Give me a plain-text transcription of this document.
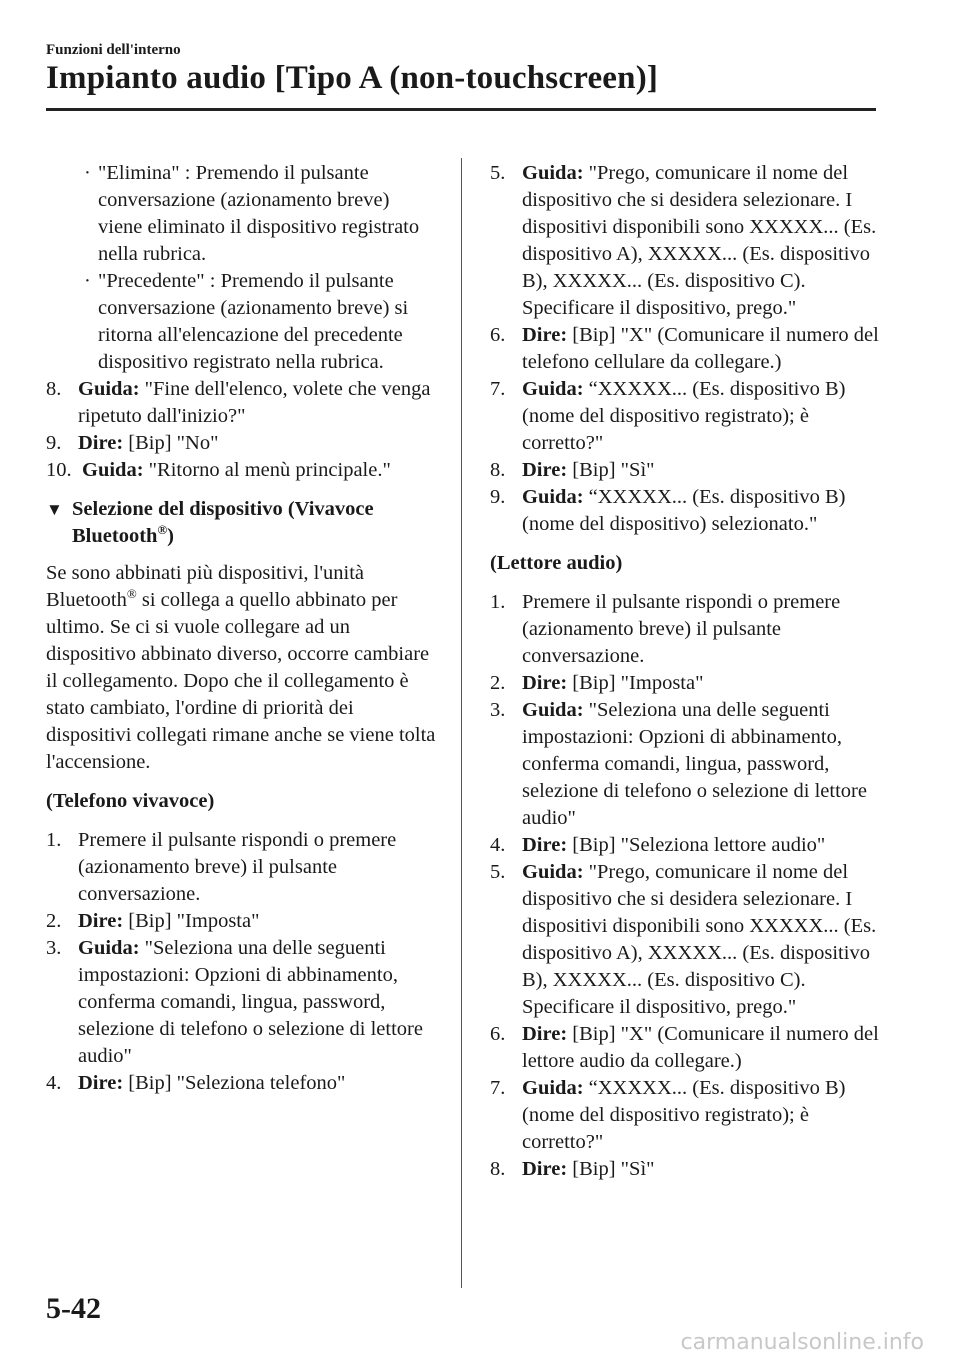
Funzioni dell'interno
Impianto audio [Tipo A (non-touchscreen)]
· "Elimina" : Premendo il pulsante conversazione (azionamento breve) viene eliminato il dispositivo registrato nella rubrica.
· "Precedente" : Premendo il pulsante conversazione (azionamento breve) si ritorna all'elencazione del precedente dispositivo registrato nella rubrica.
8. Guida: "Fine dell'elenco, volete che venga ripetuto dall'inizio?"
9. Dire: [Bip] "No"
10. Guida: "Ritorno al menù principale."
▼ Selezione del dispositivo (Vivavoce Bluetooth®)
Se sono abbinati più dispositivi, l'unità Bluetooth® si collega a quello abbinato per ultimo. Se ci si vuole collegare ad un dispositivo abbinato diverso, occorre cambiare il collegamento. Dopo che il collegamento è stato cambiato, l'ordine di priorità dei dispositivi collegati rimane anche se viene tolta l'accensione.
(Telefono vivavoce)
1. Premere il pulsante rispondi o premere (azionamento breve) il pulsante conversazione.
2. Dire: [Bip] "Imposta"
3. Guida: "Seleziona una delle seguenti impostazioni: Opzioni di abbinamento, conferma comandi, lingua, password, selezione di telefono o selezione di lettore audio"
4. Dire: [Bip] "Seleziona telefono"
5. Guida: "Prego, comunicare il nome del dispositivo che si desidera selezionare. I dispositivi disponibili sono XXXXX... (Es. dispositivo A), XXXXX... (Es. dispositivo B), XXXXX... (Es. dispositivo C). Specificare il dispositivo, prego."
6. Dire: [Bip] "X" (Comunicare il numero del telefono cellulare da collegare.)
7. Guida: “XXXXX... (Es. dispositivo B) (nome del dispositivo registrato); è corretto?"
8. Dire: [Bip] "Sì"
9. Guida: “XXXXX... (Es. dispositivo B) (nome del dispositivo) selezionato."
(Lettore audio)
1. Premere il pulsante rispondi o premere (azionamento breve) il pulsante conversazione.
2. Dire: [Bip] "Imposta"
3. Guida: "Seleziona una delle seguenti impostazioni: Opzioni di abbinamento, conferma comandi, lingua, password, selezione di telefono o selezione di lettore audio"
4. Dire: [Bip] "Seleziona lettore audio"
5. Guida: "Prego, comunicare il nome del dispositivo che si desidera selezionare. I dispositivi disponibili sono XXXXX... (Es. dispositivo A), XXXXX... (Es. dispositivo B), XXXXX... (Es. dispositivo C). Specificare il dispositivo, prego."
6. Dire: [Bip] "X" (Comunicare il numero del lettore audio da collegare.)
7. Guida: “XXXXX... (Es. dispositivo B) (nome del dispositivo registrato); è corretto?"
8. Dire: [Bip] "Sì"
5-42
carmanualsonline.info
